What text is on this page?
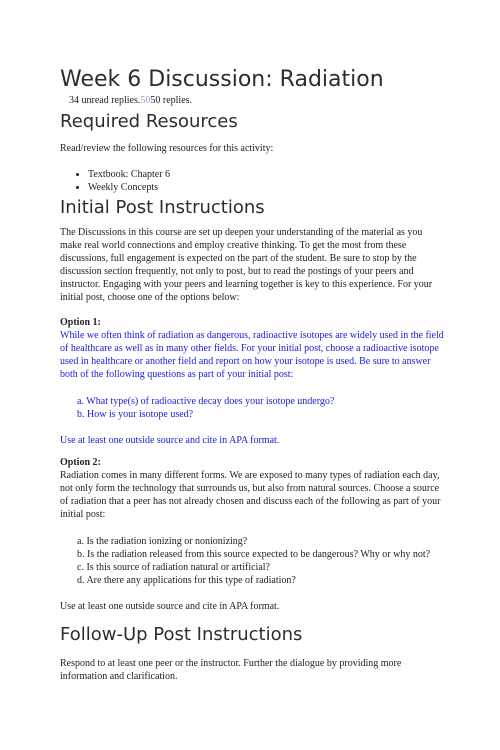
Week 6 Discussion: Radiation
34 unread replies.5050 replies.
Required Resources

Read/review the following resources for this activity:

• Textbook: Chapter 6
• Weekly Concepts
Initial Post Instructions

The Discussions in this course are set up deepen your understanding of the material as you make real world connections and employ creative thinking. To get the most from these discussions, full engagement is expected on the part of the student. Be sure to stop by the discussion section frequently, not only to post, but to read the postings of your peers and instructor. Engaging with your peers and learning together is key to this experience. For your initial post, choose one of the options below:

Option 1:

While we often think of radiation as dangerous, radioactive isotopes are widely used in the field of healthcare as well as in many other fields. For your initial post, choose a radioactive isotope used in healthcare or another field and report on how your isotope is used. Be sure to answer both of the following questions as part of your initial post:

a. What type(s) of radioactive decay does your isotope undergo?
b. How is your isotope used?

Use at least one outside source and cite in APA format.

Option 2:

Radiation comes in many different forms. We are exposed to many types of radiation each day, not only form the technology that surrounds us, but also from natural sources. Choose a source of radiation that a peer has not already chosen and discuss each of the following as part of your initial post:

a. Is the radiation ionizing or nonionizing?
b. Is the radiation released from this source expected to be dangerous? Why or why not?
c. Is this source of radiation natural or artificial?
d. Are there any applications for this type of radiation?

Use at least one outside source and cite in APA format.

Follow-Up Post Instructions

Respond to at least one peer or the instructor. Further the dialogue by providing more information and clarification.
